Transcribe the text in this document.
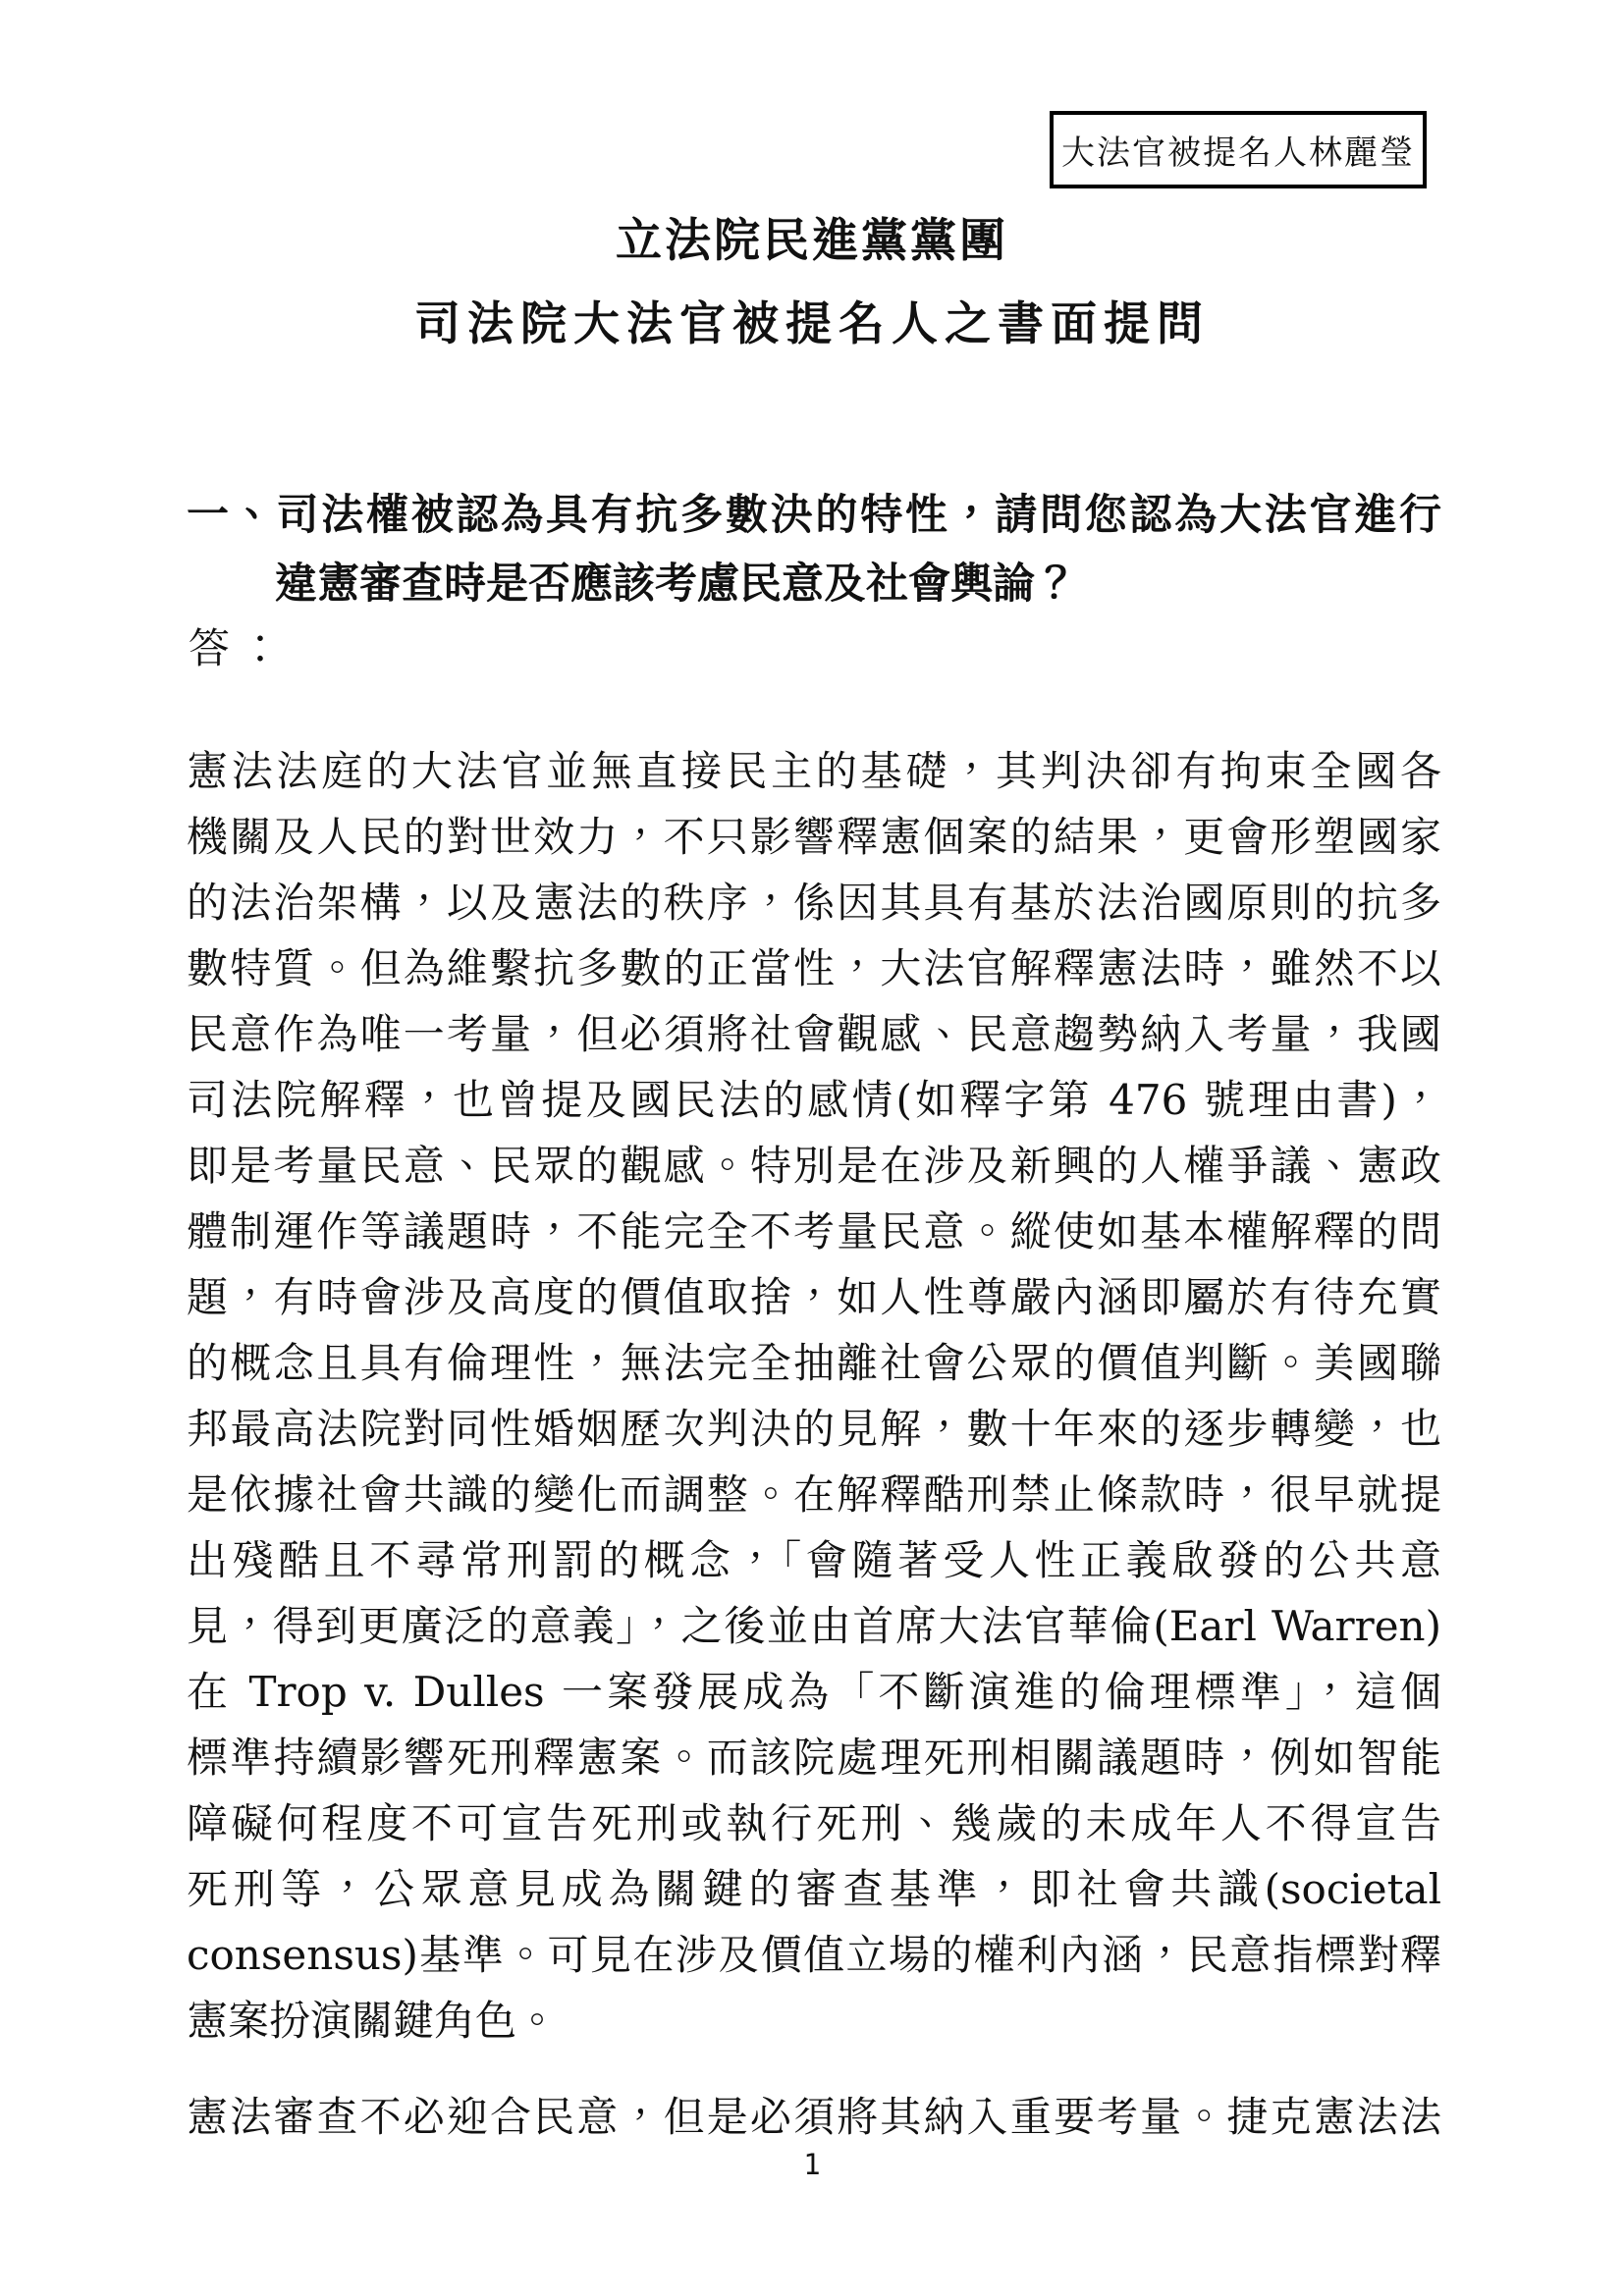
大法官被提名人林麗瑩
立法院民進黨黨團
司法院大法官被提名人之書面提問
一、司法權被認為具有抗多數決的特性，請問您認為大法官進行
違憲審查時是否應該考慮民意及社會輿論？
答：
憲法法庭的大法官並無直接民主的基礎，其判決卻有拘束全國各
機關及人民的對世效力，不只影響釋憲個案的結果，更會形塑國家
的法治架構，以及憲法的秩序，係因其具有基於法治國原則的抗多
數特質。但為維繫抗多數的正當性，大法官解釋憲法時，雖然不以
民意作為唯一考量，但必須將社會觀感、民意趨勢納入考量，我國
司法院解釋，也曾提及國民法的感情(如釋字第 476 號理由書)，
即是考量民意、民眾的觀感。特別是在涉及新興的人權爭議、憲政
體制運作等議題時，不能完全不考量民意。縱使如基本權解釋的問
題，有時會涉及高度的價值取捨，如人性尊嚴內涵即屬於有待充實
的概念且具有倫理性，無法完全抽離社會公眾的價值判斷。美國聯
邦最高法院對同性婚姻歷次判決的見解，數十年來的逐步轉變，也
是依據社會共識的變化而調整。在解釋酷刑禁止條款時，很早就提
出殘酷且不尋常刑罰的概念，「會隨著受人性正義啟發的公共意
見，得到更廣泛的意義」，之後並由首席大法官華倫(Earl Warren)
在 Trop v. Dulles 一案發展成為「不斷演進的倫理標準」，這個
標準持續影響死刑釋憲案。而該院處理死刑相關議題時，例如智能
障礙何程度不可宣告死刑或執行死刑、幾歲的未成年人不得宣告
死刑等，公眾意見成為關鍵的審查基準，即社會共識(societal
consensus)基準。可見在涉及價值立場的權利內涵，民意指標對釋
憲案扮演關鍵角色。
憲法審查不必迎合民意，但是必須將其納入重要考量。捷克憲法法
1
